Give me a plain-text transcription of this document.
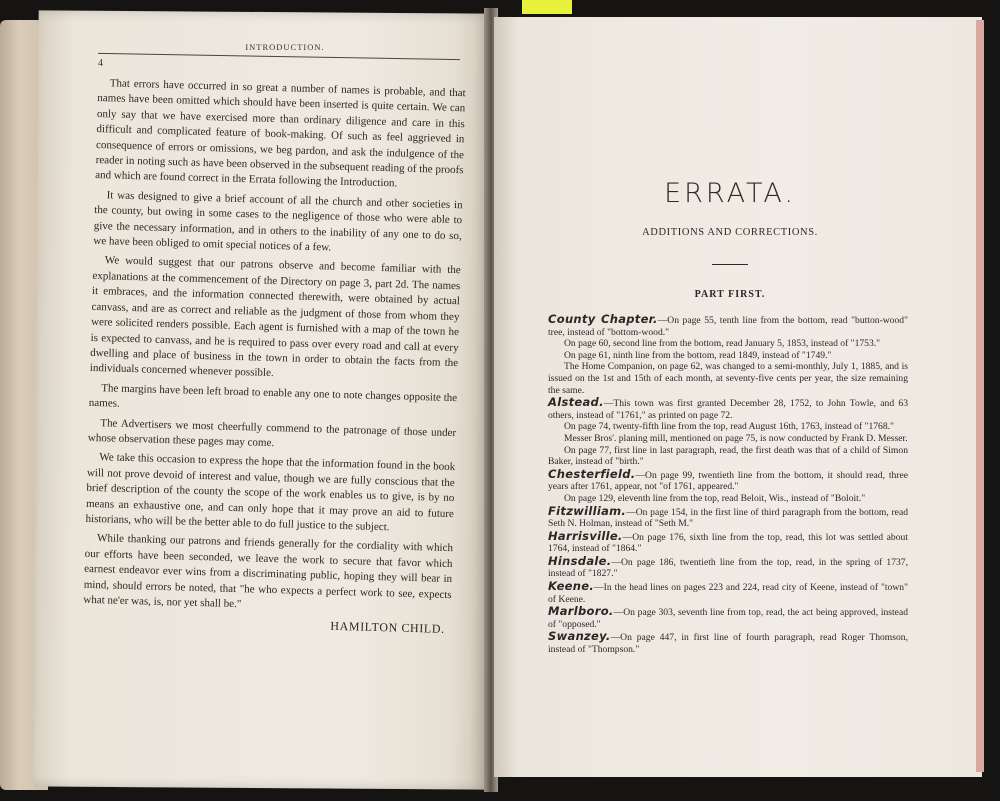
INTRODUCTION.
4

That errors have occurred in so great a number of names is probable, and that names have been omitted which should have been inserted is quite certain. We can only say that we have exercised more than ordinary diligence and care in this difficult and complicated feature of book-making. Of such as feel aggrieved in consequence of errors or omissions, we beg pardon, and ask the indulgence of the reader in noting such as have been observed in the subsequent reading of the proofs and which are found correct in the Errata following the Introduction.

It was designed to give a brief account of all the church and other societies in the county, but owing in some cases to the negligence of those who were able to give the necessary information, and in others to the inability of any one to do so, we have been obliged to omit special notices of a few.

We would suggest that our patrons observe and become familiar with the explanations at the commencement of the Directory on page 3, part 2d. The names it embraces, and the information connected therewith, were obtained by actual canvass, and are as correct and reliable as the judgment of those from whom they were solicited renders possible. Each agent is furnished with a map of the town he is expected to canvass, and he is required to pass over every road and call at every dwelling and place of business in the town in order to obtain the facts from the individuals concerned whenever possible.

The margins have been left broad to enable any one to note changes opposite the names.

The Advertisers we most cheerfully commend to the patronage of those under whose observation these pages may come.

We take this occasion to express the hope that the information found in the book will not prove devoid of interest and value, though we are fully conscious that the brief description of the county the scope of the work enables us to give, is by no means an exhaustive one, and can only hope that it may prove an aid to future historians, who will be the better able to do full justice to the subject.

While thanking our patrons and friends generally for the cordiality with which our efforts have been seconded, we leave the work to secure that favor which earnest endeavor ever wins from a discriminating public, hoping they will bear in mind, should errors be noted, that "he who expects a perfect work to see, expects what ne'er was, is, nor yet shall be."

HAMILTON CHILD.
ERRATA.
ADDITIONS AND CORRECTIONS.
PART FIRST.
County Chapter.—On page 55, tenth line from the bottom, read "button-wood" tree, instead of "bottom-wood."
On page 60, second line from the bottom, read January 5, 1853, instead of "1753."
On page 61, ninth line from the bottom, read 1849, instead of "1749."
The Home Companion, on page 62, was changed to a semi-monthly, July 1, 1885, and is issued on the 1st and 15th of each month, at seventy-five cents per year, the size remaining the same.
Alstead.—This town was first granted December 28, 1752, to John Towle, and 63 others, instead of "1761," as printed on page 72.
On page 74, twenty-fifth line from the top, read August 16th, 1763, instead of "1768."
Messer Bros'. planing mill, mentioned on page 75, is now conducted by Frank D. Messer.
On page 77, first line in last paragraph, read, the first death was that of a child of Simon Baker, instead of "birth."
Chesterfield.—On page 99, twentieth line from the bottom, it should read, three years after 1761, appear, not "of 1761, appeared."
On page 129, eleventh line from the top, read Beloit, Wis., instead of "Boloit."
Fitzwilliam.—On page 154, in the first line of third paragraph from the bottom, read Seth N. Holman, instead of "Seth M."
Harrisville.—On page 176, sixth line from the top, read, this lot was settled about 1764, instead of "1864."
Hinsdale.—On page 186, twentieth line from the top, read, in the spring of 1737, instead of "1827."
Keene.—In the head lines on pages 223 and 224, read city of Keene, instead of "town" of Keene.
Marlboro.—On page 303, seventh line from top, read, the act being approved, instead of "opposed."
Swanzey.—On page 447, in first line of fourth paragraph, read Roger Thomson, instead of "Thompson."
